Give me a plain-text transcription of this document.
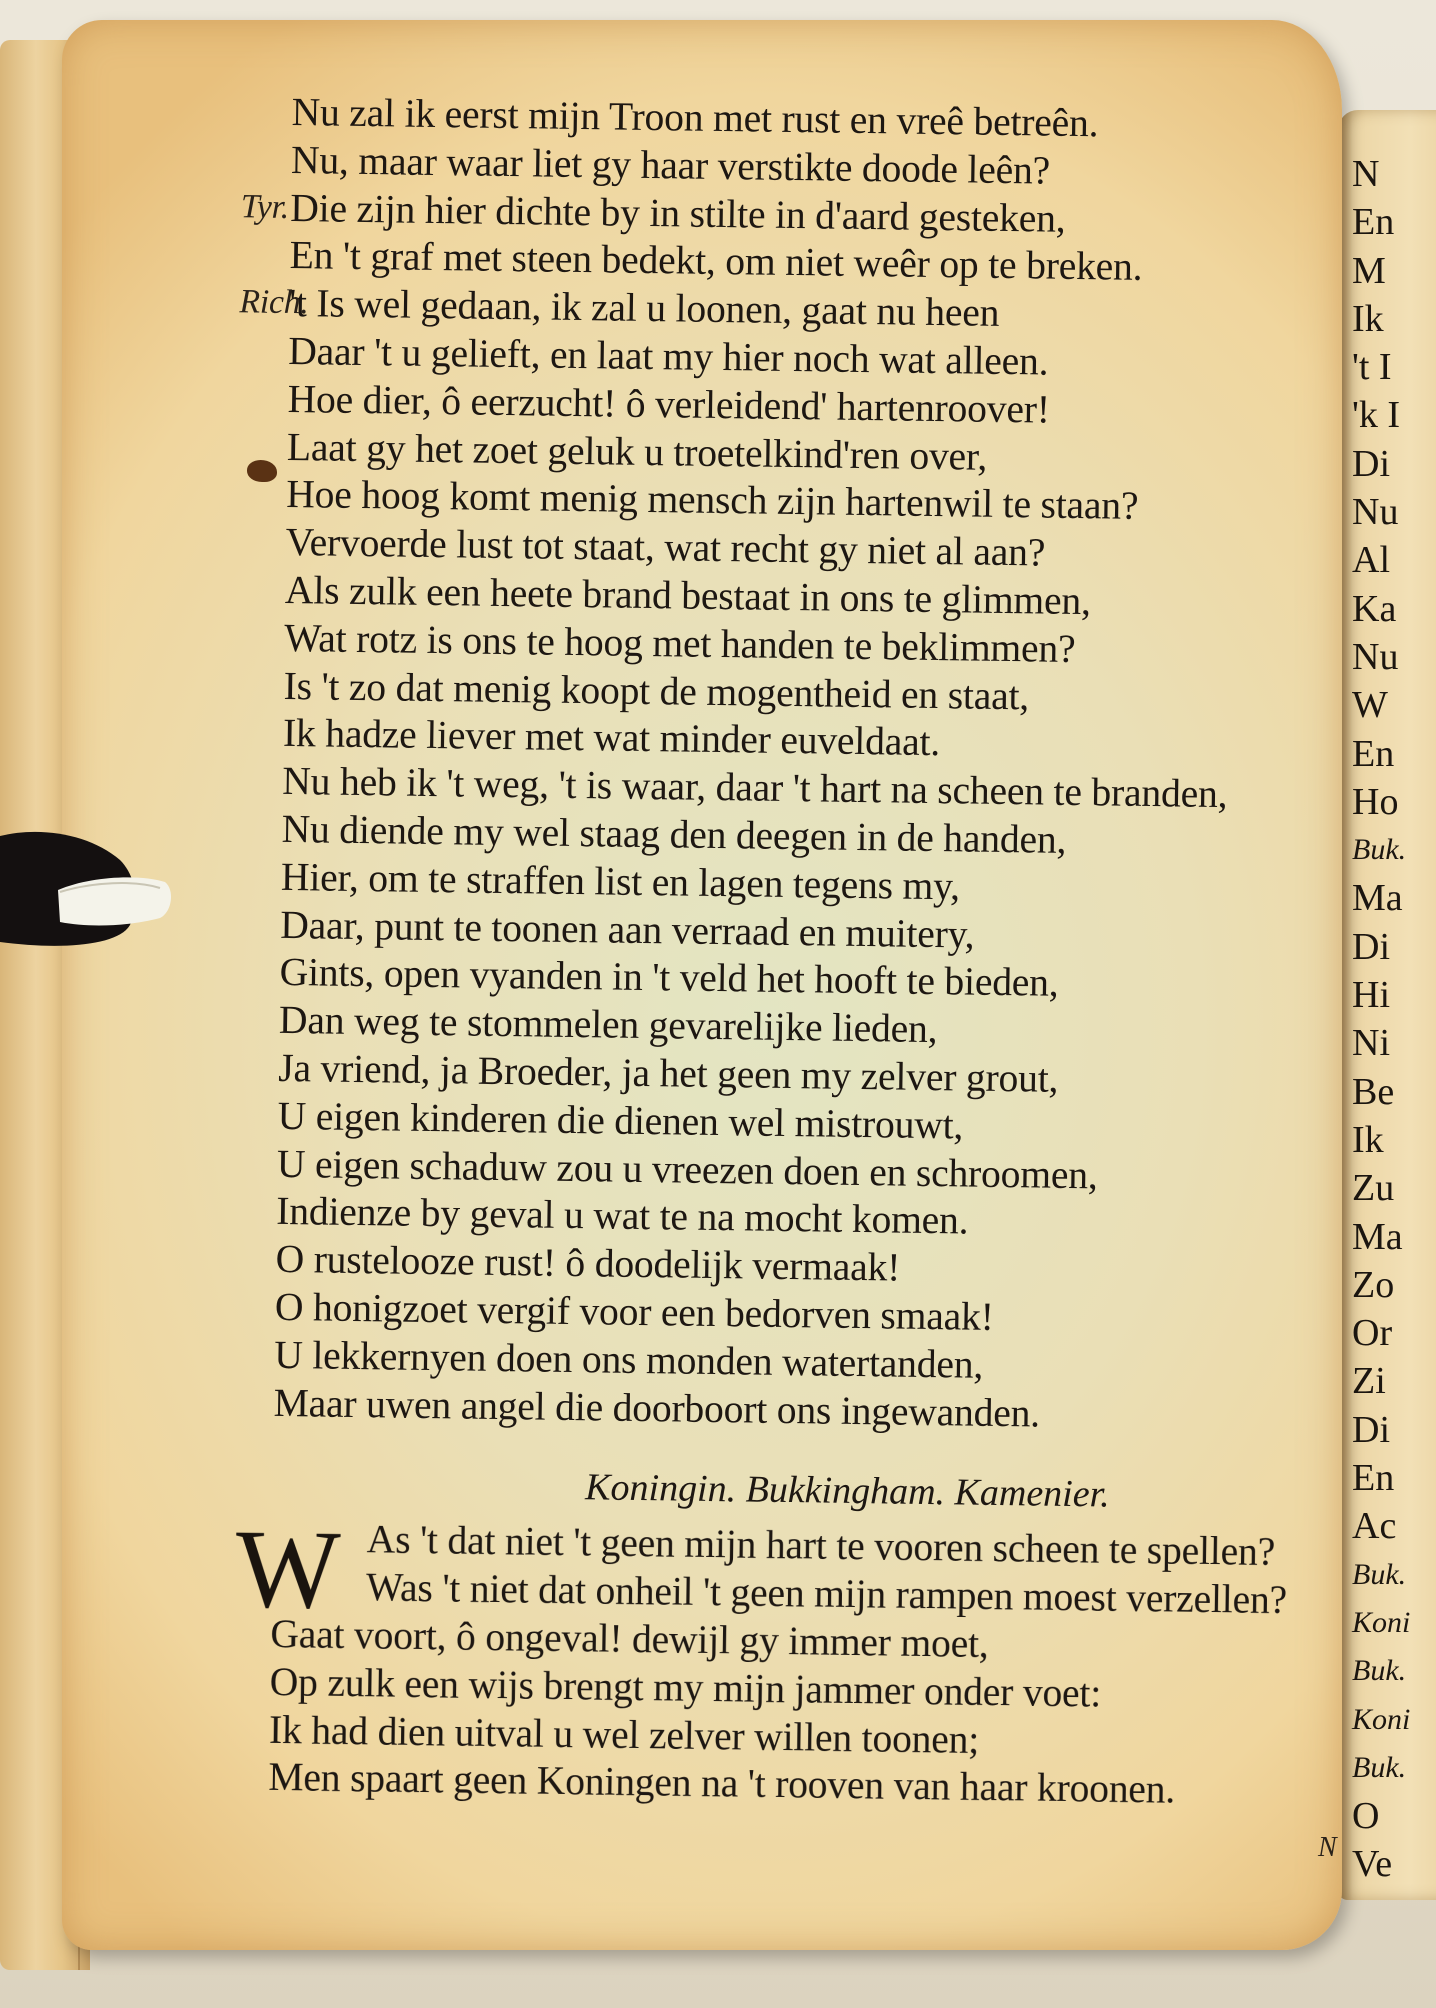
N
En
M
Ik
't I
'k I
Di
Nu
Al
Ka
Nu
W
En
Ho
Buk.
Ma
Di
Hi
Ni
Be
Ik
Zu
Ma
Zo
Or
Zi
Di
En
Ac
Buk.
Koni
Buk.
Koni
Buk.
O
Ve
Nu zal ik eerst mijn Troon met rust en vreê betreên.
Nu, maar waar liet gy haar verstikte doode leên?
Tyr. Die zijn hier dichte by in stilte in d'aard gesteken,
En 't graf met steen bedekt, om niet weêr op te breken.
Rich.
't Is wel gedaan, ik zal u loonen, gaat nu heen
Daar 't u gelieft, en laat my hier noch wat alleen.
Hoe dier, ô eerzucht! ô verleidend' hartenroover!
Laat gy het zoet geluk u troetelkind'ren over,
Hoe hoog komt menig mensch zijn hartenwil te staan?
Vervoerde lust tot staat, wat recht gy niet al aan?
Als zulk een heete brand bestaat in ons te glimmen,
Wat rotz is ons te hoog met handen te beklimmen?
Is 't zo dat menig koopt de mogentheid en staat,
Ik hadze liever met wat minder euveldaat.
Nu heb ik 't weg, 't is waar, daar 't hart na scheen te branden,
Nu diende my wel staag den deegen in de handen,
Hier, om te straffen list en lagen tegens my,
Daar, punt te toonen aan verraad en muitery,
Gints, open vyanden in 't veld het hooft te bieden,
Dan weg te stommelen gevarelijke lieden,
Ja vriend, ja Broeder, ja het geen my zelver grout,
U eigen kinderen die dienen wel mistrouwt,
U eigen schaduw zou u vreezen doen en schroomen,
Indienze by geval u wat te na mocht komen.
O rustelooze rust! ô doodelijk vermaak!
O honigzoet vergif voor een bedorven smaak!
U lekkernyen doen ons monden watertanden,
Maar uwen angel die doorboort ons ingewanden.
Koningin. Bukkingham. Kamenier.
W As 't dat niet 't geen mijn hart te vooren scheen te spellen?
Was 't niet dat onheil 't geen mijn rampen moest verzellen?
Gaat voort, ô ongeval! dewijl gy immer moet,
Op zulk een wijs brengt my mijn jammer onder voet:
Ik had dien uitval u wel zelver willen toonen;
Men spaart geen Koningen na 't rooven van haar kroonen.
N
